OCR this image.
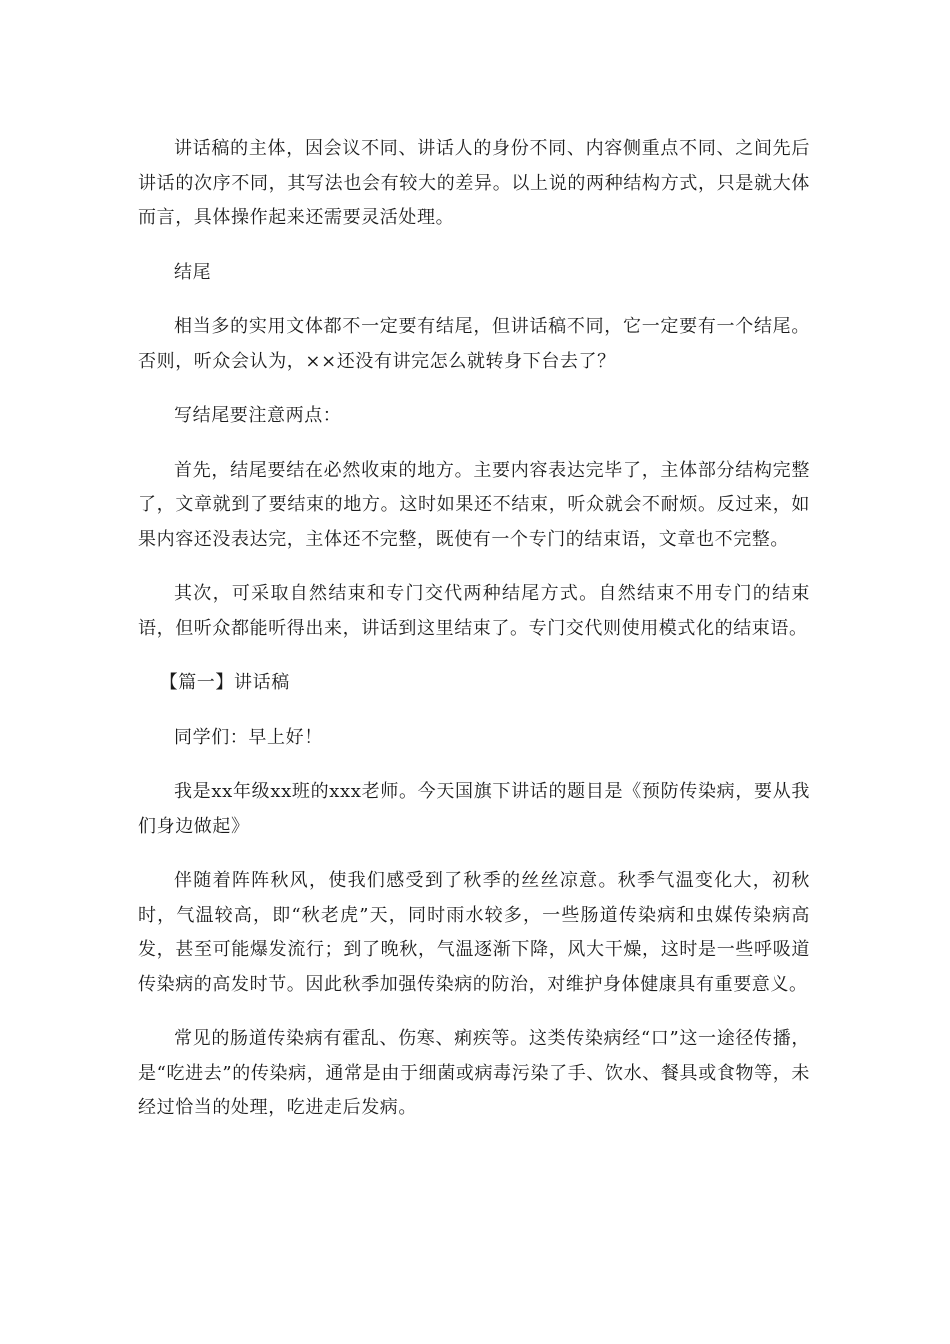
讲话稿的主体，因会议不同、讲话人的身份不同、内容侧重点不同、之间先后讲话的次序不同，其写法也会有较大的差异。以上说的两种结构方式，只是就大体而言，具体操作起来还需要灵活处理。

结尾

相当多的实用文体都不一定要有结尾，但讲话稿不同，它一定要有一个结尾。否则，听众会认为，××还没有讲完怎么就转身下台去了？

写结尾要注意两点：

首先，结尾要结在必然收束的地方。主要内容表达完毕了，主体部分结构完整了，文章就到了要结束的地方。这时如果还不结束，听众就会不耐烦。反过来，如果内容还没表达完，主体还不完整，既使有一个专门的结束语，文章也不完整。

其次，可采取自然结束和专门交代两种结尾方式。自然结束不用专门的结束语，但听众都能听得出来，讲话到这里结束了。专门交代则使用模式化的结束语。

【篇一】讲话稿

同学们：早上好！

我是xx年级xx班的xxx老师。今天国旗下讲话的题目是《预防传染病，要从我们身边做起》

伴随着阵阵秋风，使我们感受到了秋季的丝丝凉意。秋季气温变化大，初秋时，气温较高，即“秋老虎”天，同时雨水较多，一些肠道传染病和虫媒传染病高发，甚至可能爆发流行；到了晚秋，气温逐渐下降，风大干燥，这时是一些呼吸道传染病的高发时节。因此秋季加强传染病的防治，对维护身体健康具有重要意义。

常见的肠道传染病有霍乱、伤寒、痢疾等。这类传染病经“口”这一途径传播，是“吃进去”的传染病，通常是由于细菌或病毒污染了手、饮水、餐具或食物等，未经过恰当的处理，吃进走后发病。
